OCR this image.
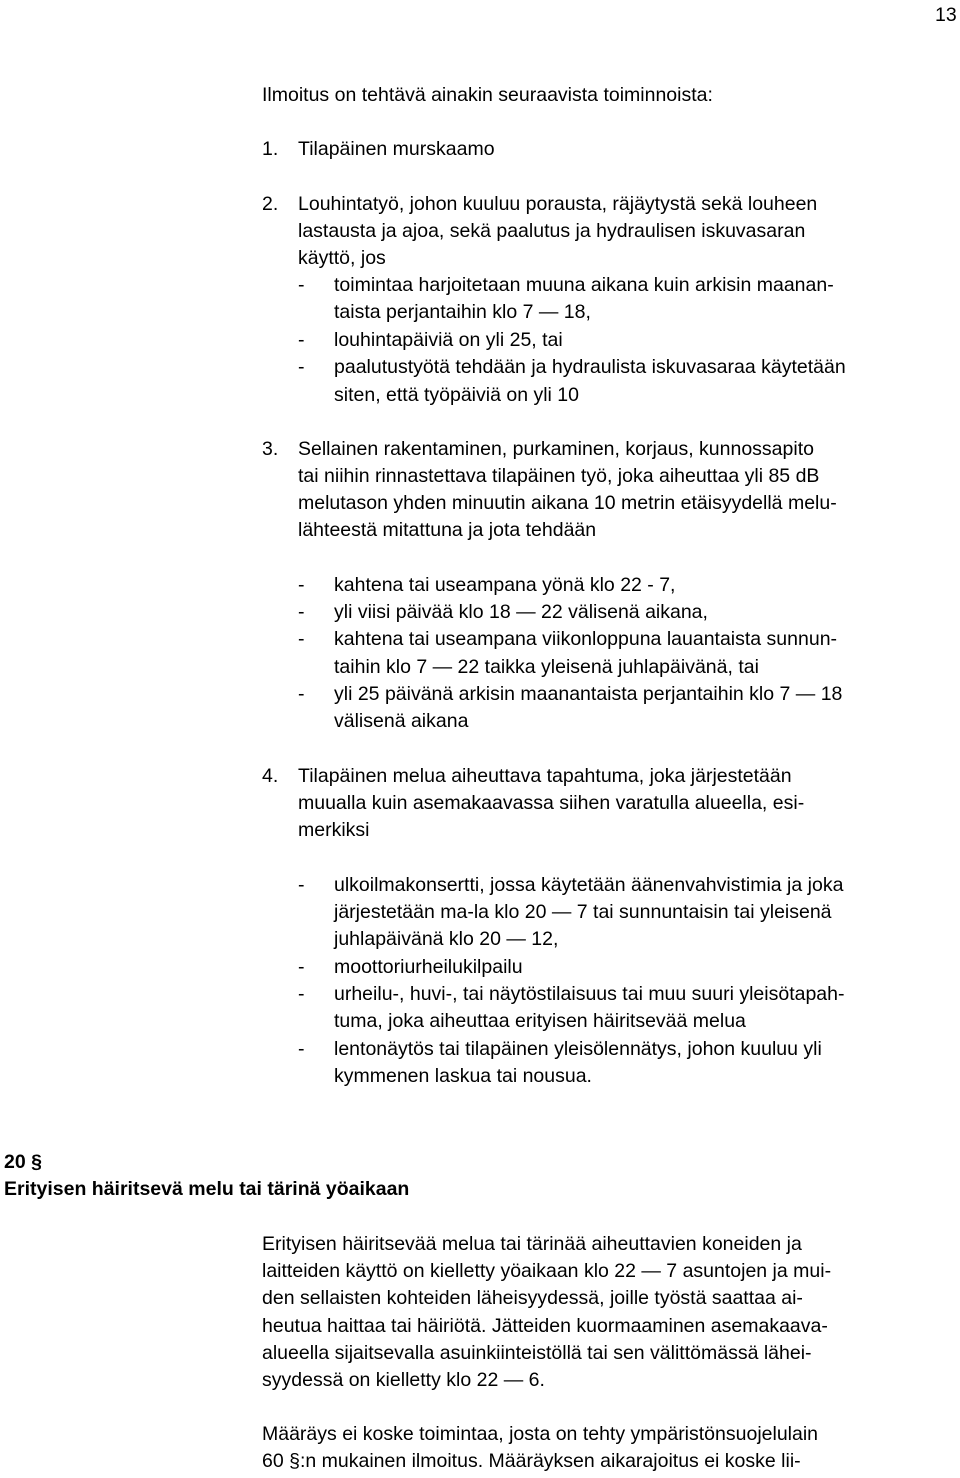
13
Ilmoitus on tehtävä ainakin seuraavista toiminnoista:
1. Tilapäinen murskaamo
2. Louhintatyö, johon kuuluu porausta, räjäytystä sekä louheen
lastausta ja ajoa, sekä paalutus ja hydraulisen iskuvasaran
käyttö, jos
- toimintaa harjoitetaan muuna aikana kuin arkisin maanan-
taista perjantaihin klo 7 — 18,
- louhintapäiviä on yli 25, tai
- paalutustyötä tehdään ja hydraulista iskuvasaraa käytetään
siten, että työpäiviä on yli 10
3. Sellainen rakentaminen, purkaminen, korjaus, kunnossapito
tai niihin rinnastettava tilapäinen työ, joka aiheuttaa yli 85 dB
melutason yhden minuutin aikana 10 metrin etäisyydellä melu-
lähteestä mitattuna ja jota tehdään
- kahtena tai useampana yönä klo 22 - 7,
- yli viisi päivää klo 18 — 22 välisenä aikana,
- kahtena tai useampana viikonloppuna lauantaista sunnun-
taihin klo 7 — 22 taikka yleisenä juhlapäivänä, tai
- yli 25 päivänä arkisin maanantaista perjantaihin klo 7 — 18
välisenä aikana
4. Tilapäinen melua aiheuttava tapahtuma, joka järjestetään
muualla kuin asemakaavassa siihen varatulla alueella, esi-
merkiksi
- ulkoilmakonsertti, jossa käytetään äänenvahvistimia ja joka
järjestetään ma-la klo 20 — 7 tai sunnuntaisin tai yleisenä
juhlapäivänä klo 20 — 12,
- moottoriurheilukilpailu
- urheilu-, huvi-, tai näytöstilaisuus tai muu suuri yleisötapah-
tuma, joka aiheuttaa erityisen häiritsevää melua
- lentonäytös tai tilapäinen yleisölennätys, johon kuuluu yli
kymmenen laskua tai nousua.
20 §
Erityisen häiritsevä melu tai tärinä yöaikaan
Erityisen häiritsevää melua tai tärinää aiheuttavien koneiden ja
laitteiden käyttö on kielletty yöaikaan klo 22 — 7 asuntojen ja mui-
den sellaisten kohteiden läheisyydessä, joille työstä saattaa ai-
heutua haittaa tai häiriötä. Jätteiden kuormaaminen asemakaava-
alueella sijaitsevalla asuinkiinteistöllä tai sen välittömässä lähei-
syydessä on kielletty klo 22 — 6.
Määräys ei koske toimintaa, josta on tehty ympäristönsuojelulain
60 §:n mukainen ilmoitus. Määräyksen aikarajoitus ei koske lii-
